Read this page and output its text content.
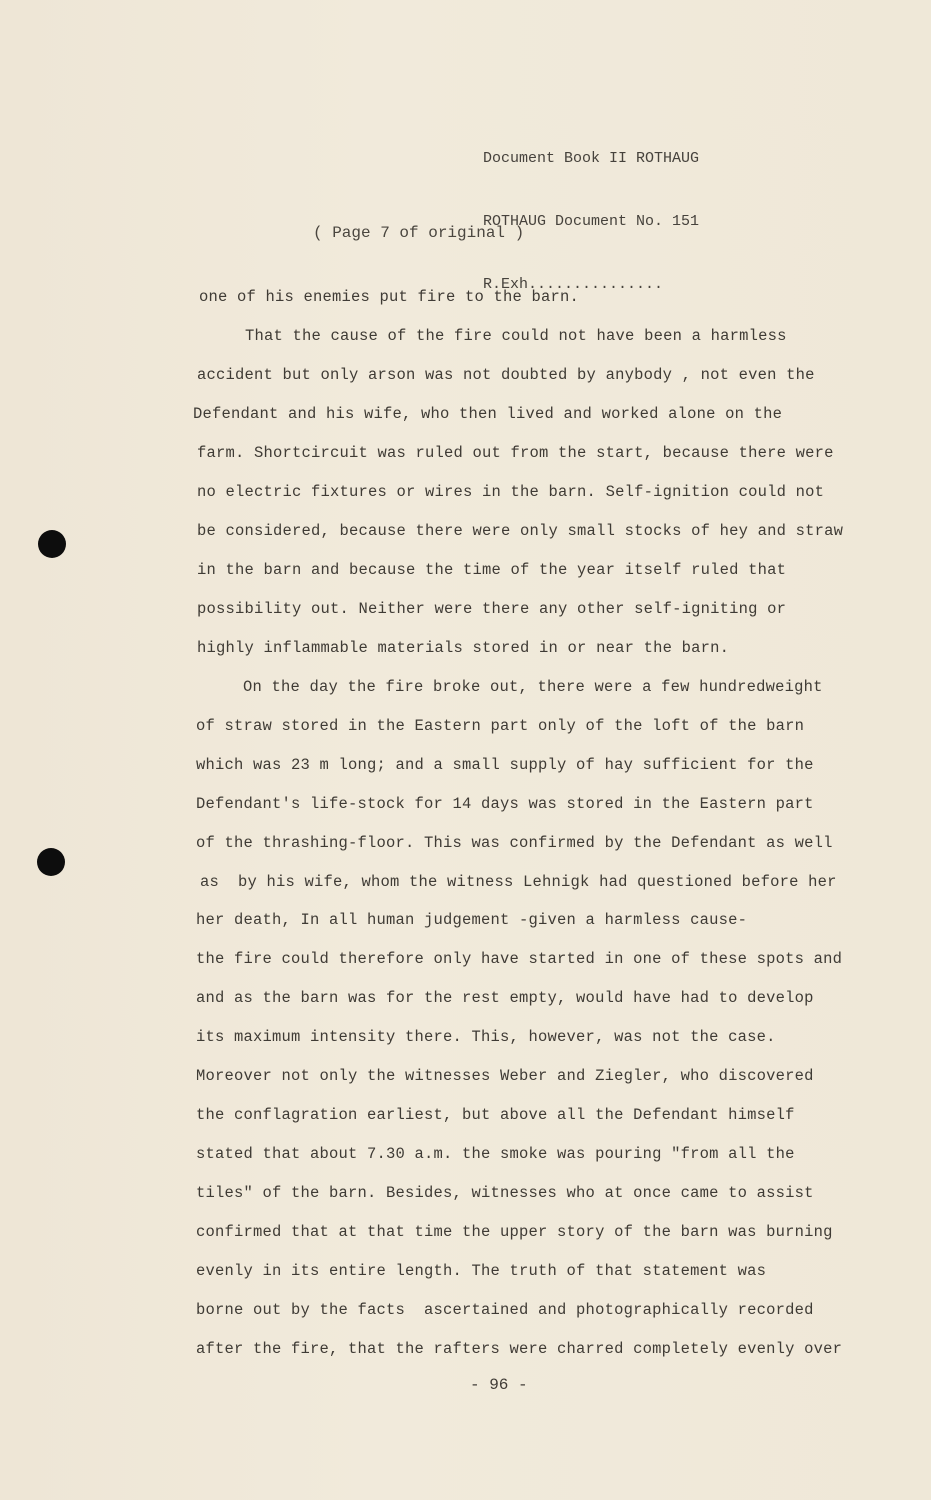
Document Book II ROTHAUG

ROTHAUG Document No. 151

R.Exh...............

( Page 7 of original )
one of his enemies put fire to the barn.
That the cause of the fire could not have been a harmless
accident but only arson was not doubted by anybody , not even the
Defendant and his wife, who then lived and worked alone on the
farm. Shortcircuit was ruled out from the start, because there were
no electric fixtures or wires in the barn. Self-ignition could not
be considered, because there were only small stocks of hey and straw
in the barn and because the time of the year itself ruled that
possibility out. Neither were there any other self-igniting or
highly inflammable materials stored in or near the barn.
On the day the fire broke out, there were a few hundredweight
of straw stored in the Eastern part only of the loft of the barn
which was 23 m long; and a small supply of hay sufficient for the
Defendant's life-stock for 14 days was stored in the Eastern part
of the thrashing-floor. This was confirmed by the Defendant as well
as  by his wife, whom the witness Lehnigk had questioned before her
her death, In all human judgement -given a harmless cause-
the fire could therefore only have started in one of these spots and
and as the barn was for the rest empty, would have had to develop
its maximum intensity there. This, however, was not the case.
Moreover not only the witnesses Weber and Ziegler, who discovered
the conflagration earliest, but above all the Defendant himself
stated that about 7.30 a.m. the smoke was pouring "from all the
tiles" of the barn. Besides, witnesses who at once came to assist
confirmed that at that time the upper story of the barn was burning
evenly in its entire length. The truth of that statement was
borne out by the facts  ascertained and photographically recorded
after the fire, that the rafters were charred completely evenly over
- 96 -
